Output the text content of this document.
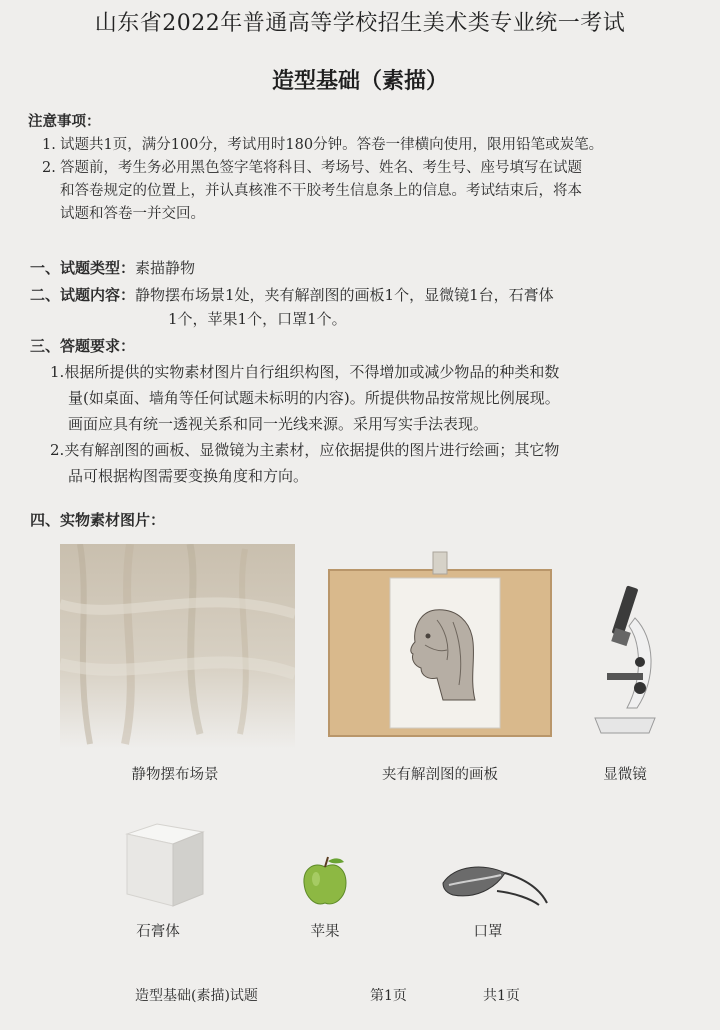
山东省2022年普通高等学校招生美术类专业统一考试
造型基础（素描）
注意事项：

1. 试题共1页，满分100分，考试用时180分钟。答卷一律横向使用，限用铅笔或炭笔。

2. 答题前，考生务必用黑色签字笔将科目、考场号、姓名、考生号、座号填写在试题
和答卷规定的位置上，并认真核准不干胶考生信息条上的信息。考试结束后，将本
试题和答卷一并交回。

一、试题类型：素描静物
二、试题内容：静物摆布场景1处，夹有解剖图的画板1个，显微镜1台，石膏体
1个，苹果1个，口罩1个。
三、答题要求：
1.根据所提供的实物素材图片自行组织构图，不得增加或减少物品的种类和数
量(如桌面、墙角等任何试题未标明的内容)。所提供物品按常规比例展现。
画面应具有统一透视关系和同一光线来源。采用写实手法表现。
2.夹有解剖图的画板、显微镜为主素材，应依据提供的图片进行绘画；其它物
品可根据构图需要变换角度和方向。
四、实物素材图片：
静物摆布场景	夹有解剖图的画板	显微镜
石膏体	苹果	口罩
造型基础(素描)试题	第1页	共1页
